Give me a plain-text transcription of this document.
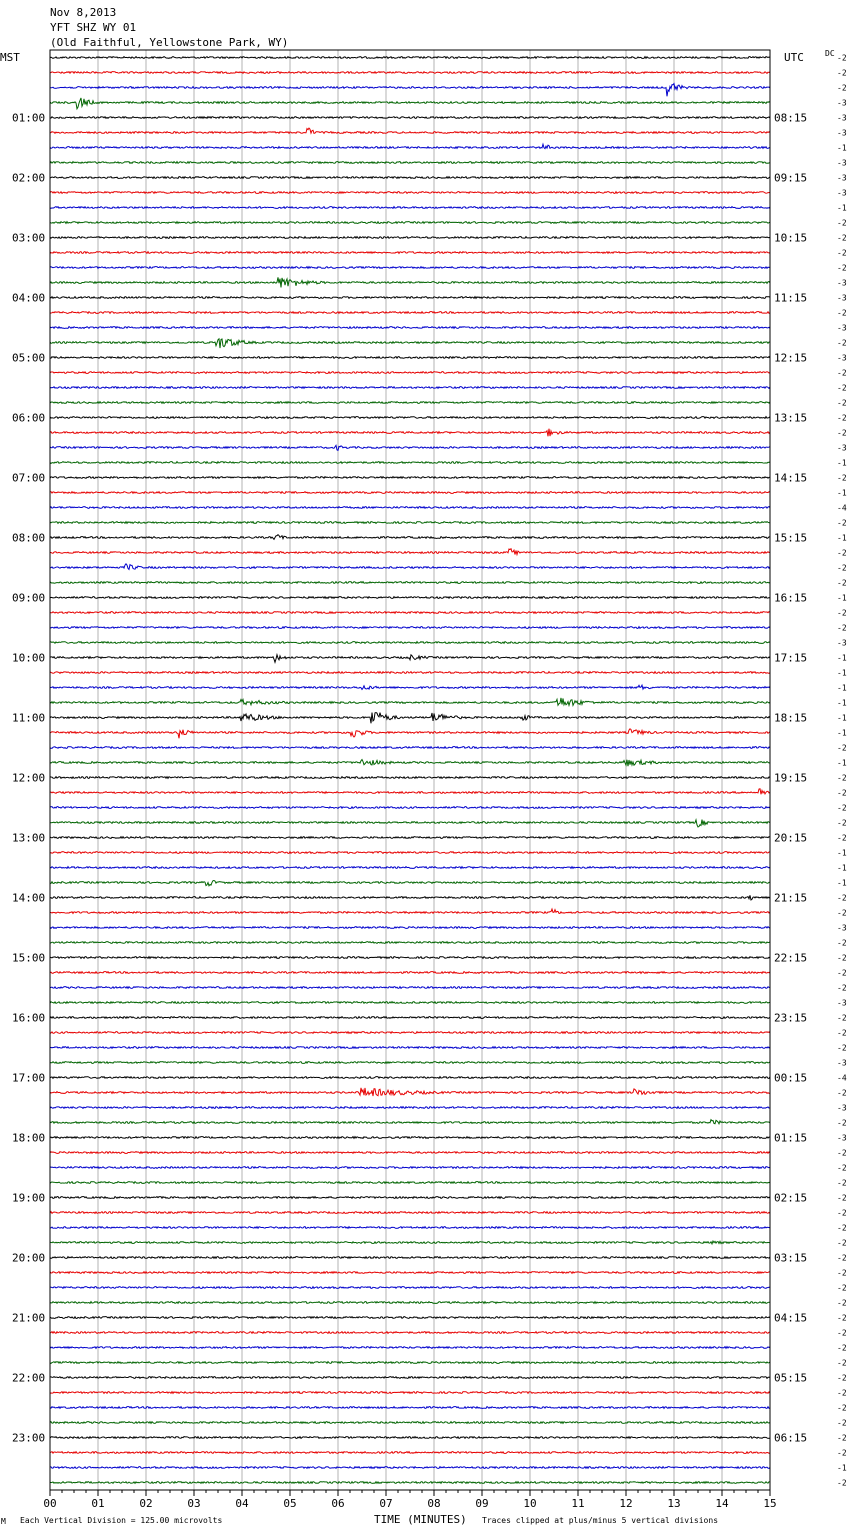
Nov 8,2013
YFT SHZ WY 01
(Old Faithful, Yellowstone Park, WY)
MST	UTC	DC
01:00
02:00
03:00
04:00
05:00
06:00
07:00
08:00
09:00
10:00
11:00
12:00
13:00
14:00
15:00
16:00
17:00
18:00
19:00
20:00
21:00
22:00
23:00
08:15
09:15
10:15
11:15
12:15
13:15
14:15
15:15
16:15
17:15
18:15
19:15
20:15
21:15
22:15
23:15
00:15
01:15
02:15
03:15
04:15
05:15
06:15
-2
-2
-2
-3
-3
-3
-1
-3
-3
-3
-1
-2
-2
-2
-2
-3
-3
-2
-3
-2
-3
-2
-2
-2
-2
-2
-3
-1
-2
-1
-4
-2
-1
-2
-2
-2
-1
-2
-2
-3
-1
-1
-1
-1
-1
-1
-2
-1
-2
-2
-2
-2
-2
-1
-1
-1
-2
-2
-3
-2
-2
-2
-2
-3
-2
-2
-2
-3
-4
-2
-3
-2
-3
-2
-2
-2
-2
-2
-2
-2
-2
-2
-2
-2
-2
-2
-2
-2
-2
-2
-2
-2
-2
-2
-1
-2
00	01	02	03	04	05	06	07	08	09	10	11	12	13	14	15
M Each Vertical Division = 125.00 microvolts	TIME (MINUTES) Traces clipped at plus/minus 5 vertical divisions
